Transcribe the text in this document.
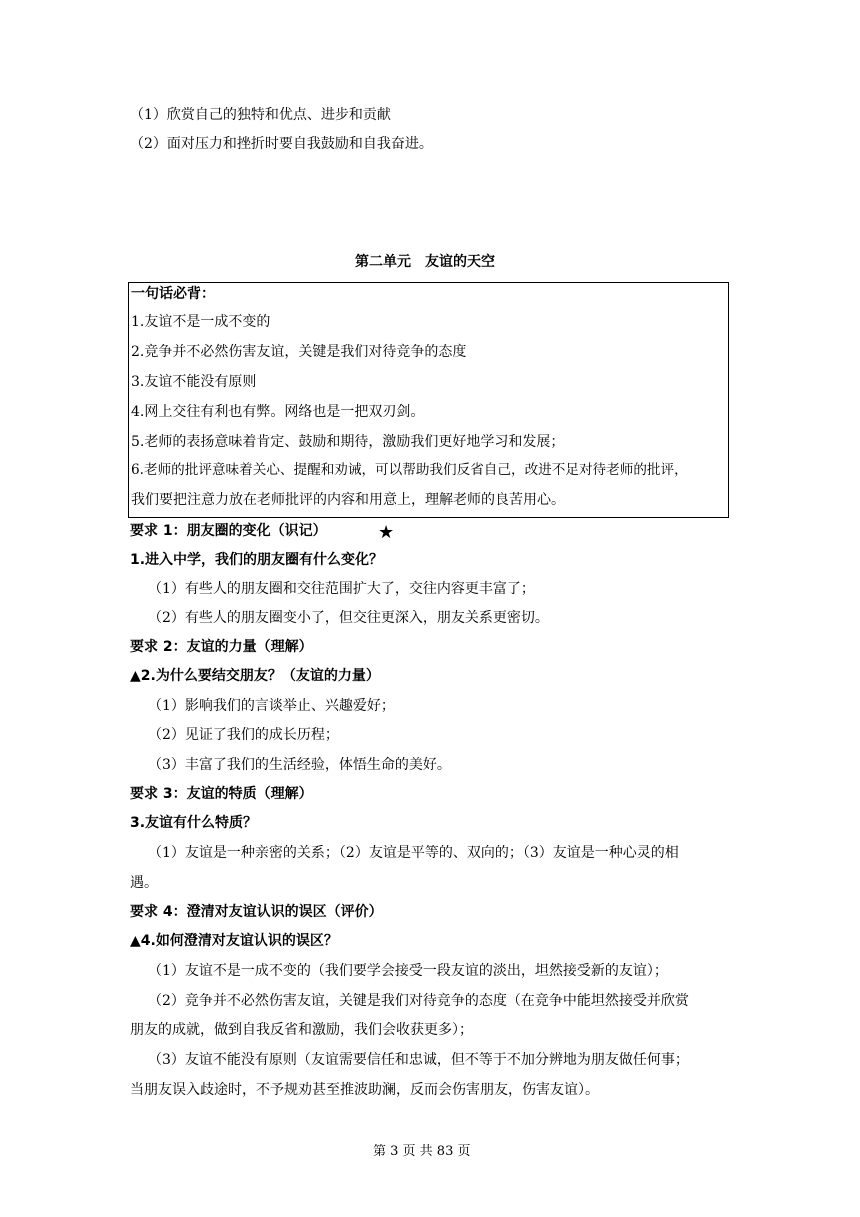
（1）欣赏自己的独特和优点、进步和贡献
（2）面对压力和挫折时要自我鼓励和自我奋进。
第二单元　友谊的天空
一句话必背：
1.友谊不是一成不变的
2.竞争并不必然伤害友谊，关键是我们对待竞争的态度
3.友谊不能没有原则
4.网上交往有利也有弊。网络也是一把双刃剑。
5.老师的表扬意味着肯定、鼓励和期待，激励我们更好地学习和发展；
6.老师的批评意味着关心、提醒和劝诫，可以帮助我们反省自己，改进不足对待老师的批评，
我们要把注意力放在老师批评的内容和用意上，理解老师的良苦用心。
★
要求 1：朋友圈的变化（识记）
1.进入中学，我们的朋友圈有什么变化？
（1）有些人的朋友圈和交往范围扩大了，交往内容更丰富了；
（2）有些人的朋友圈变小了，但交往更深入，朋友关系更密切。
要求 2：友谊的力量（理解）
▲2.为什么要结交朋友？（友谊的力量）
（1）影响我们的言谈举止、兴趣爱好；
（2）见证了我们的成长历程；
（3）丰富了我们的生活经验，体悟生命的美好。
要求 3：友谊的特质（理解）
3.友谊有什么特质？
（1）友谊是一种亲密的关系；（2）友谊是平等的、双向的；（3）友谊是一种心灵的相
遇。
要求 4：澄清对友谊认识的误区（评价）
▲4.如何澄清对友谊认识的误区？
（1）友谊不是一成不变的（我们要学会接受一段友谊的淡出，坦然接受新的友谊）；
（2）竞争并不必然伤害友谊，关键是我们对待竞争的态度（在竞争中能坦然接受并欣赏
朋友的成就，做到自我反省和激励，我们会收获更多）；
（3）友谊不能没有原则（友谊需要信任和忠诚，但不等于不加分辨地为朋友做任何事；
当朋友误入歧途时，不予规劝甚至推波助澜，反而会伤害朋友，伤害友谊）。
第 3 页 共 83 页
